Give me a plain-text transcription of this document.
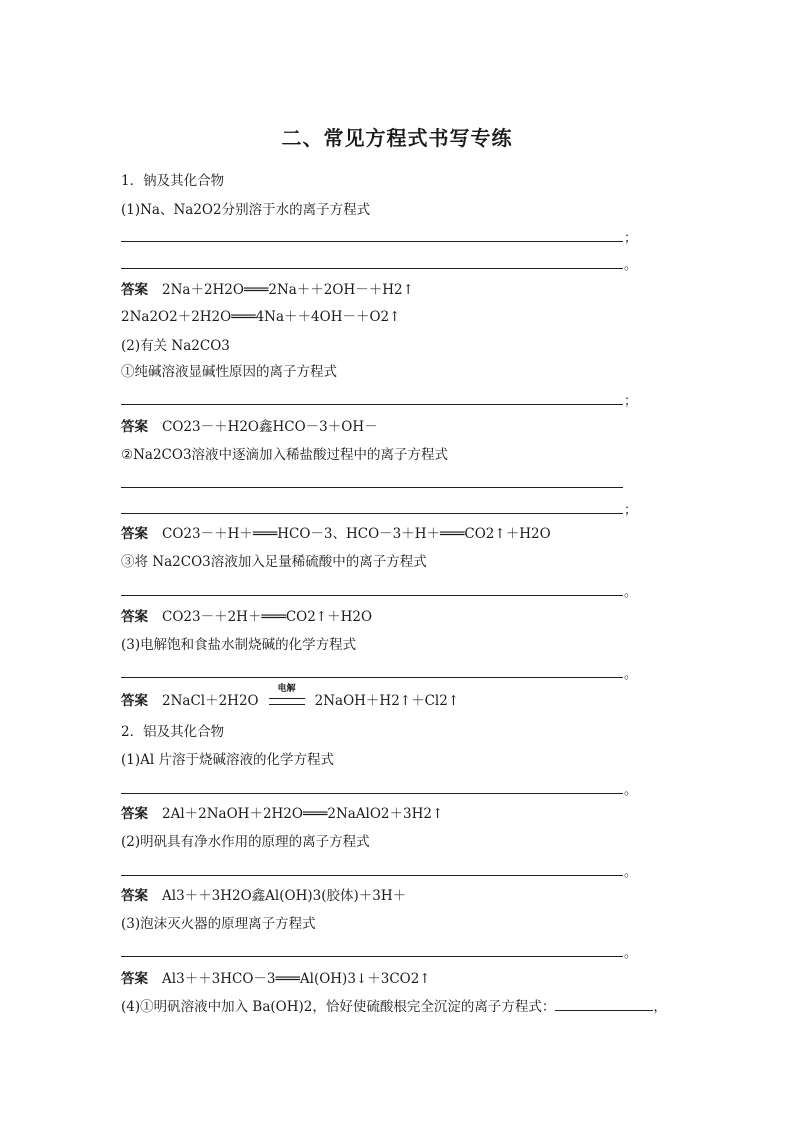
二、常见方程式书写专练
1．钠及其化合物
(1)Na、Na2O2分别溶于水的离子方程式
；
。
答案 2Na＋2H2O═══2Na＋＋2OH－＋H2↑
2Na2O2＋2H2O═══4Na＋＋4OH－＋O2↑
(2)有关 Na2CO3
①纯碱溶液显碱性原因的离子方程式
；
答案 CO23－＋H2O鑫HCO－3＋OH－
②Na2CO3溶液中逐滴加入稀盐酸过程中的离子方程式
；
答案 CO23－＋H＋═══HCO－3、HCO－3＋H＋═══CO2↑＋H2O
③将 Na2CO3溶液加入足量稀硫酸中的离子方程式
。
答案 CO23－＋2H＋═══CO2↑＋H2O
(3)电解饱和食盐水制烧碱的化学方程式
。
答案 2NaCl＋2H2O
电解
2NaOH＋H2↑＋Cl2↑
2．铝及其化合物
(1)Al 片溶于烧碱溶液的化学方程式
。
答案 2Al＋2NaOH＋2H2O═══2NaAlO2＋3H2↑
(2)明矾具有净水作用的原理的离子方程式
。
答案 Al3＋＋3H2O鑫Al(OH)3(胶体)＋3H＋
(3)泡沫灭火器的原理离子方程式
。
答案 Al3＋＋3HCO－3═══Al(OH)3↓＋3CO2↑
(4)①明矾溶液中加入 Ba(OH)2，恰好使硫酸根完全沉淀的离子方程式：	，
